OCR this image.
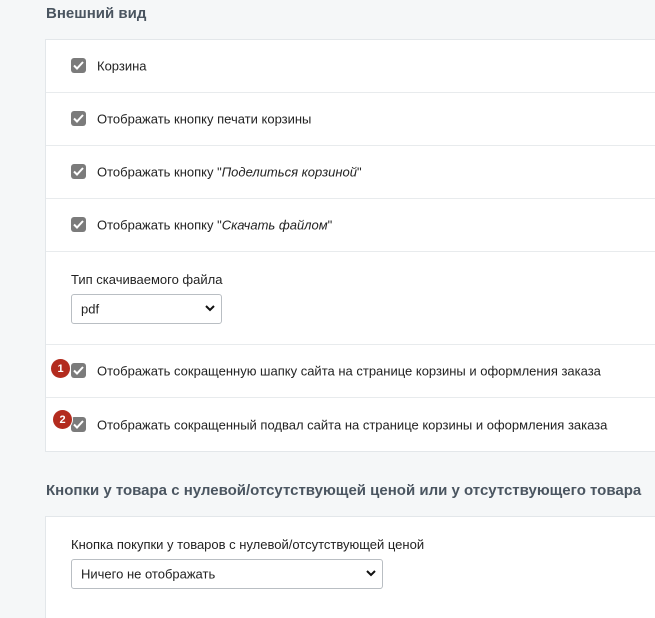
Внешний вид
Корзина
Отображать кнопку печати корзины
Отображать кнопку "Поделиться корзиной"
Отображать кнопку "Скачать файлом"
Тип скачиваемого файла
pdf
Отображать сокращенную шапку сайта на странице корзины и оформления заказа
Отображать сокращенный подвал сайта на странице корзины и оформления заказа
1
2
Кнопки у товара с нулевой/отсутствующей ценой или у отсутствующего товара
Кнопка покупки у товаров с нулевой/отсутствующей ценой
Ничего не отображать
